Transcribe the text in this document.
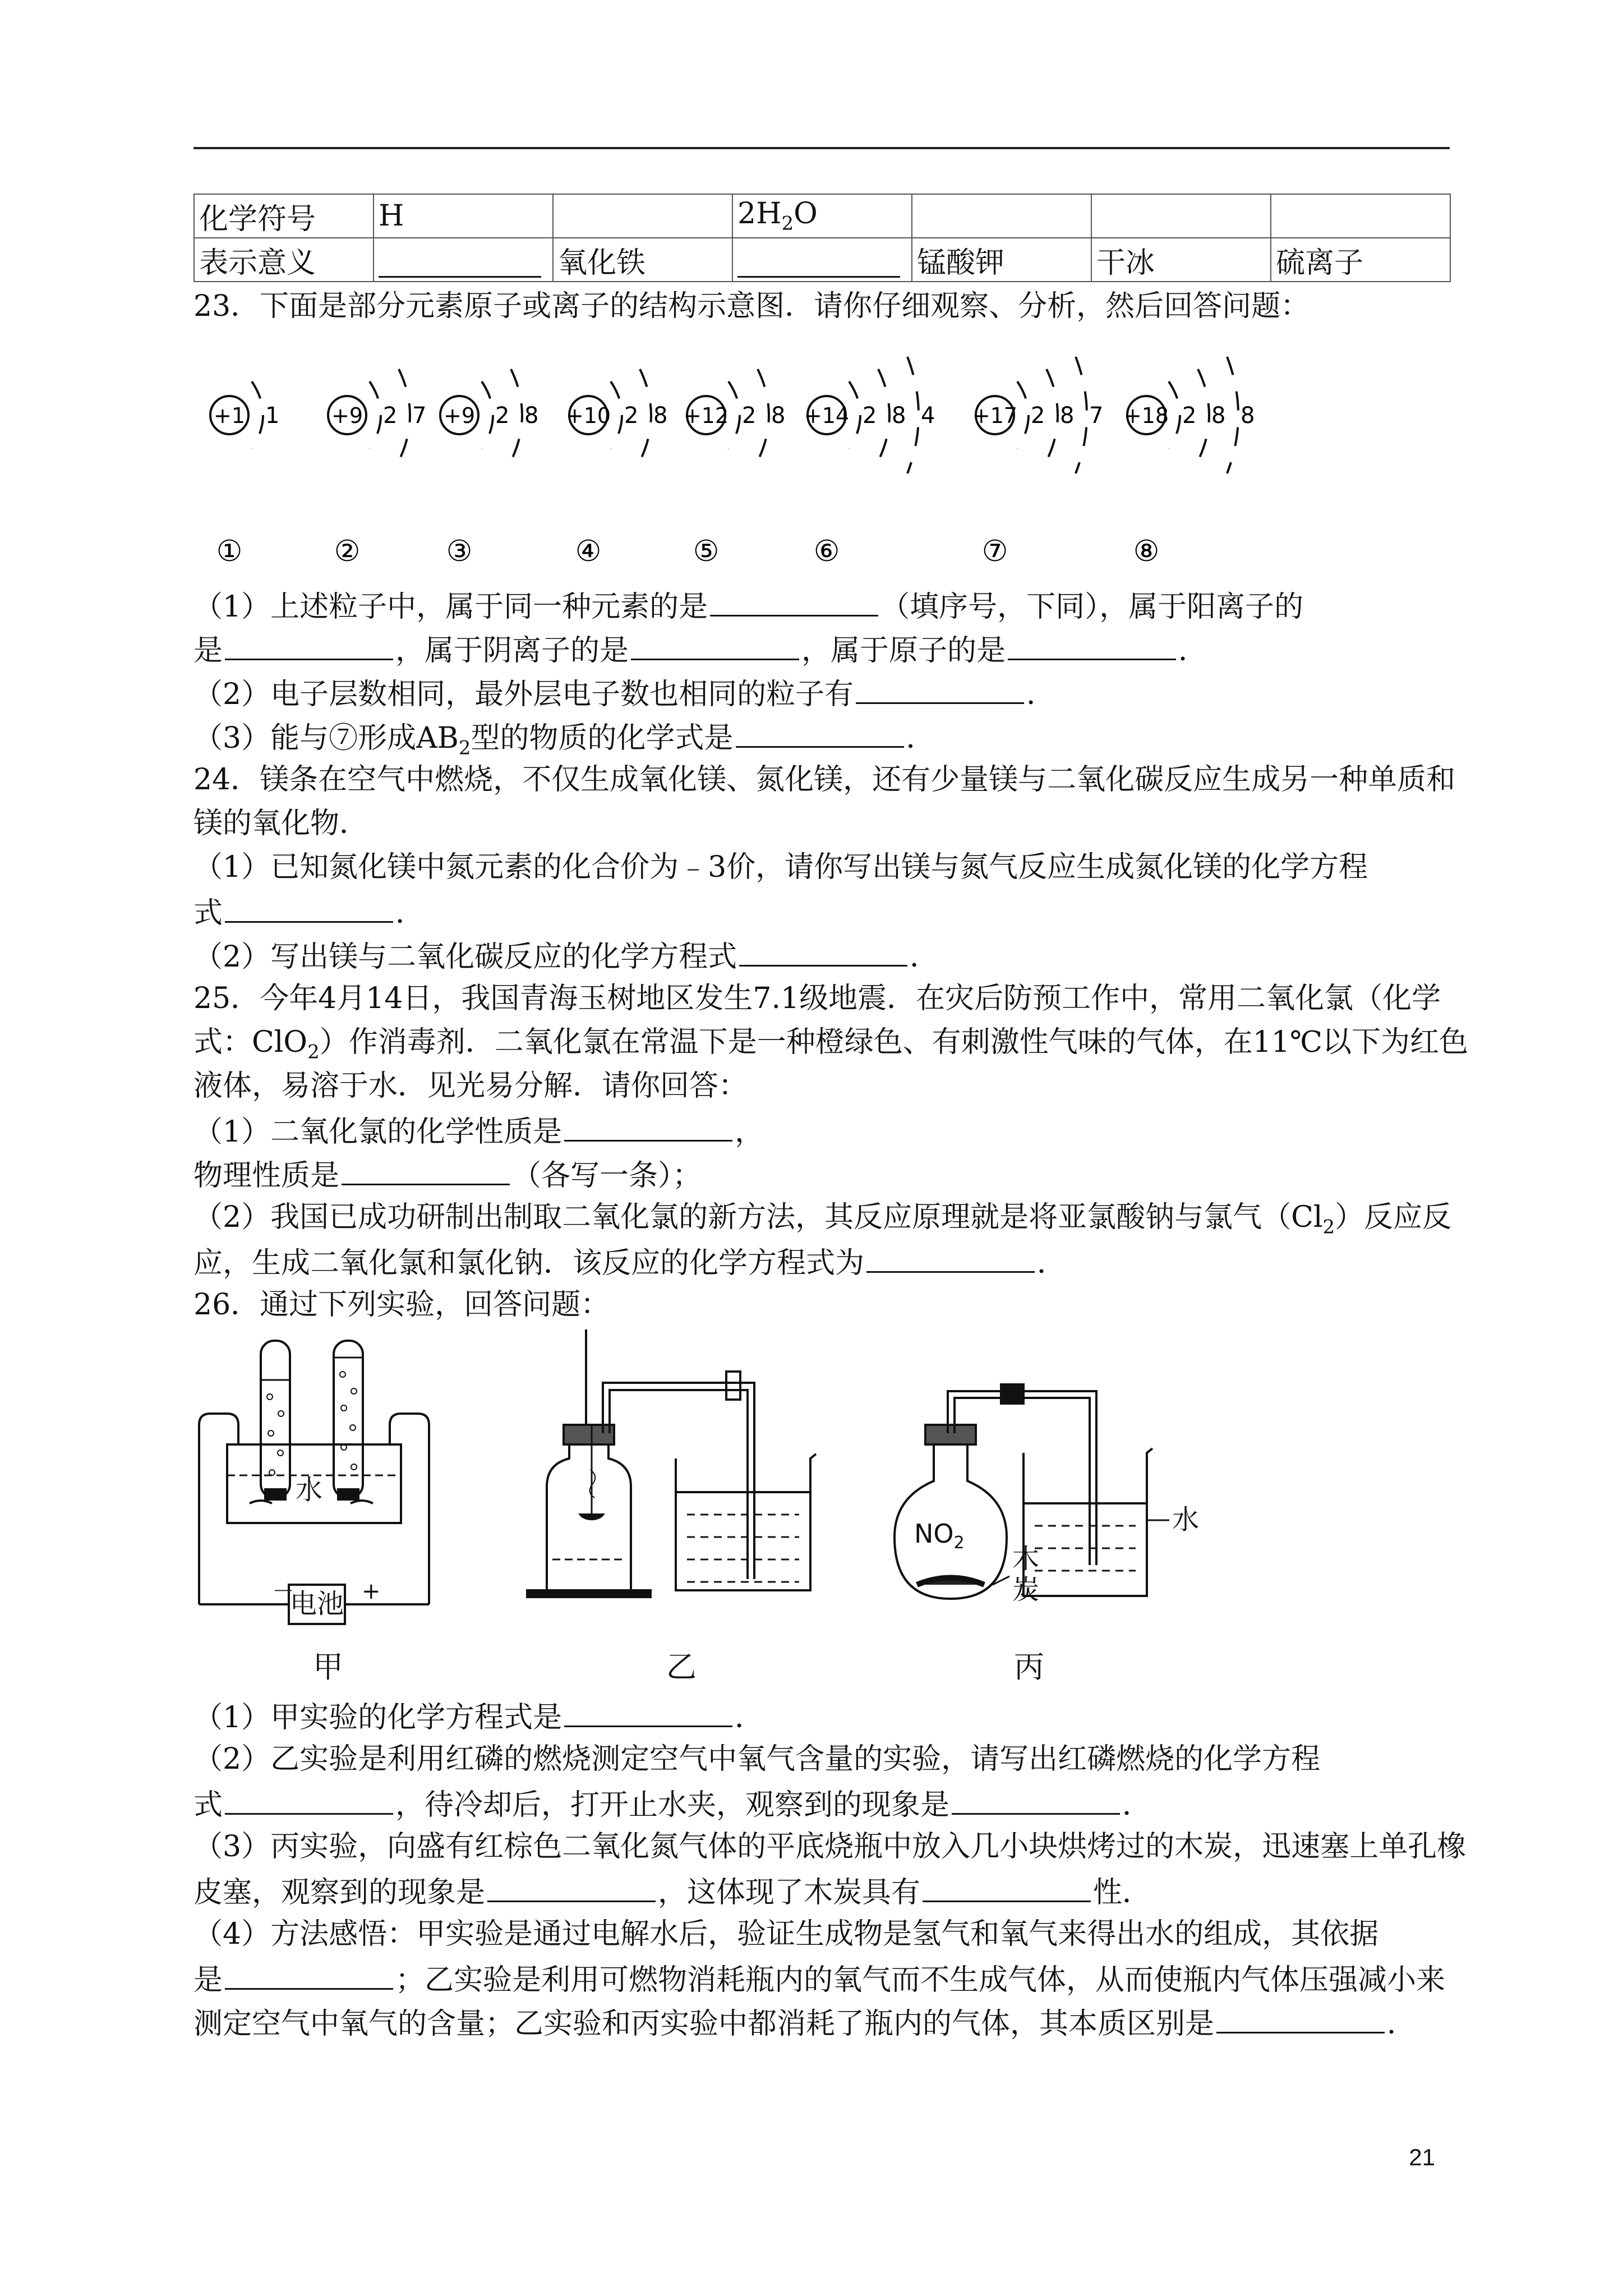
化学符号	H		$2H_2O$			
表示意义		氧化铁		锰酸钾	干冰	硫离子
23．下面是部分元素原子或离子的结构示意图．请你仔细观察、分析，然后回答问题：
+1 1
①
+9 2 7
②
+9 2 8
③
+10 2 8
④
+12 2 8
⑤
+14 2 8 4
⑥
+17 2 8 7
⑦
+18 2 8 8
⑧
（1）上述粒子中，属于同一种元素的是	（填序号，下同），属于阳离子的
是	，属于阴离子的是	，属于原子的是	．
（2）电子层数相同，最外层电子数也相同的粒子有	．
（3）能与⑦形成$AB_2$型的物质的化学式是	．
24．镁条在空气中燃烧，不仅生成氧化镁、氮化镁，还有少量镁与二氧化碳反应生成另一种单质和
镁的氧化物．
（1）已知氮化镁中氮元素的化合价为﹣3价，请你写出镁与氮气反应生成氮化镁的化学方程
式	．
（2）写出镁与二氧化碳反应的化学方程式	．
25．今年4月14日，我国青海玉树地区发生7.1级地震．在灾后防预工作中，常用二氧化氯（化学
式：ClO$_2$）作消毒剂．二氧化氯在常温下是一种橙绿色、有刺激性气味的气体，在11℃以下为红色
液体，易溶于水．见光易分解．请你回答：
（1）二氧化氯的化学性质是	，
物理性质是	（各写一条）；
（2）我国已成功研制出制取二氧化氯的新方法，其反应原理就是将亚氯酸钠与氯气$(Cl_2)$反应反
应，生成二氧化氯和氯化钠．该反应的化学方程式为	．
26．通过下列实验，回答问题：
水
电池
－	+
甲	乙
$NO_2$
木
炭
水
丙
（1）甲实验的化学方程式是	．
（2）乙实验是利用红磷的燃烧测定空气中氧气含量的实验，请写出红磷燃烧的化学方程
式	，待冷却后，打开止水夹，观察到的现象是	．
（3）丙实验，向盛有红棕色二氧化氮气体的平底烧瓶中放入几小块烘烤过的木炭，迅速塞上单孔橡
皮塞，观察到的现象是	，这体现了木炭具有	性．
（4）方法感悟：甲实验是通过电解水后，验证生成物是氢气和氧气来得出水的组成，其依据
是	；乙实验是利用可燃物消耗瓶内的氧气而不生成气体，从而使瓶内气体压强减小来
测定空气中氧气的含量；乙实验和丙实验中都消耗了瓶内的气体，其本质区别是	．
21
